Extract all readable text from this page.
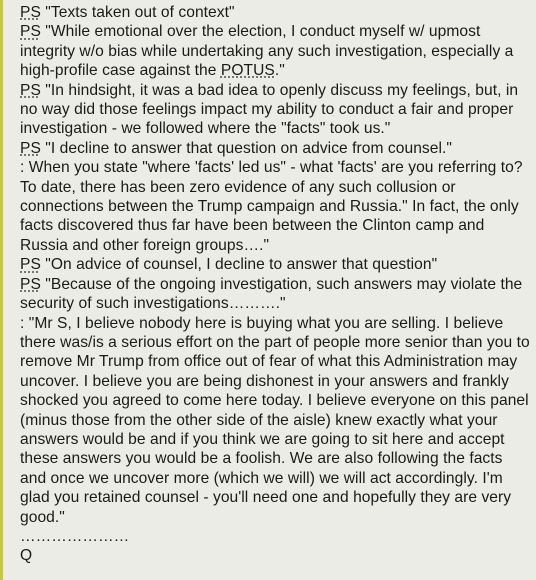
PS "Texts taken out of context"

PS "While emotional over the election, I conduct myself w/ upmost integrity w/o bias while undertaking any such investigation, especially a high-profile case against the POTUS."

PS "In hindsight, it was a bad idea to openly discuss my feelings, but, in no way did those feelings impact my ability to conduct a fair and proper investigation - we followed where the "facts" took us."

PS "I decline to answer that question on advice from counsel."

: When you state "where 'facts' led us" - what 'facts' are you referring to? To date, there has been zero evidence of any such collusion or connections between the Trump campaign and Russia." In fact, the only facts discovered thus far have been between the Clinton camp and Russia and other foreign groups…."

PS "On advice of counsel, I decline to answer that question"

PS "Because of the ongoing investigation, such answers may violate the security of such investigations………."

: "Mr S, I believe nobody here is buying what you are selling. I believe there was/is a serious effort on the part of people more senior than you to remove Mr Trump from office out of fear of what this Administration may uncover. I believe you are being dishonest in your answers and frankly shocked you agreed to come here today. I believe everyone on this panel (minus those from the other side of the aisle) knew exactly what your answers would be and if you think we are going to sit here and accept these answers you would be a foolish. We are also following the facts and once we uncover more (which we will) we will act accordingly. I'm glad you retained counsel - you'll need one and hopefully they are very good."

…………………

Q
